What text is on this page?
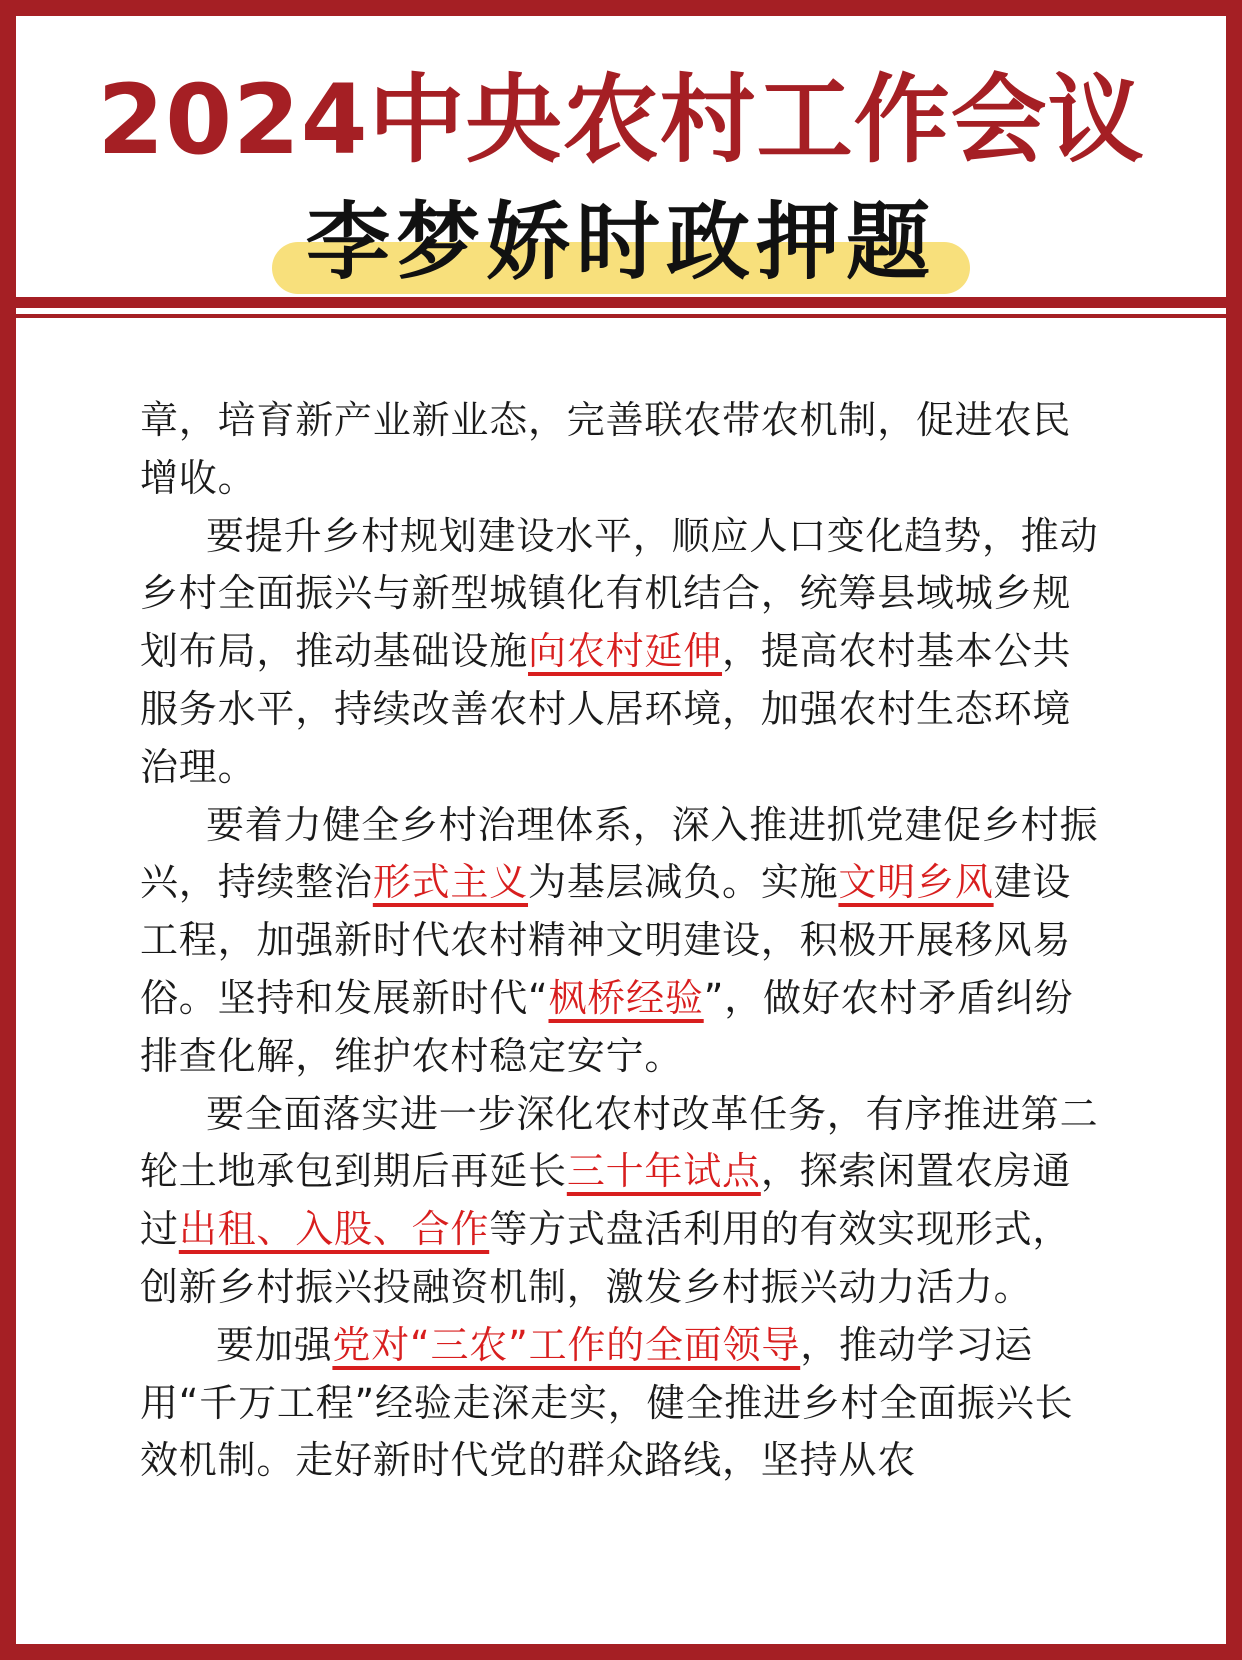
2024中央农村工作会议
李梦娇时政押题

章，培育新产业新业态，完善联农带农机制，促进农民增收。

要提升乡村规划建设水平，顺应人口变化趋势，推动乡村全面振兴与新型城镇化有机结合，统筹县域城乡规划布局，推动基础设施向农村延伸，提高农村基本公共服务水平，持续改善农村人居环境，加强农村生态环境治理。

要着力健全乡村治理体系，深入推进抓党建促乡村振兴，持续整治形式主义为基层减负。实施文明乡风建设工程，加强新时代农村精神文明建设，积极开展移风易俗。坚持和发展新时代“枫桥经验”，做好农村矛盾纠纷排查化解，维护农村稳定安宁。

要全面落实进一步深化农村改革任务，有序推进第二轮土地承包到期后再延长三十年试点，探索闲置农房通过出租、入股、合作等方式盘活利用的有效实现形式，创新乡村振兴投融资机制，激发乡村振兴动力活力。

要加强党对“三农”工作的全面领导，推动学习运用“千万工程”经验走深走实，健全推进乡村全面振兴长效机制。走好新时代党的群众路线，坚持从农
